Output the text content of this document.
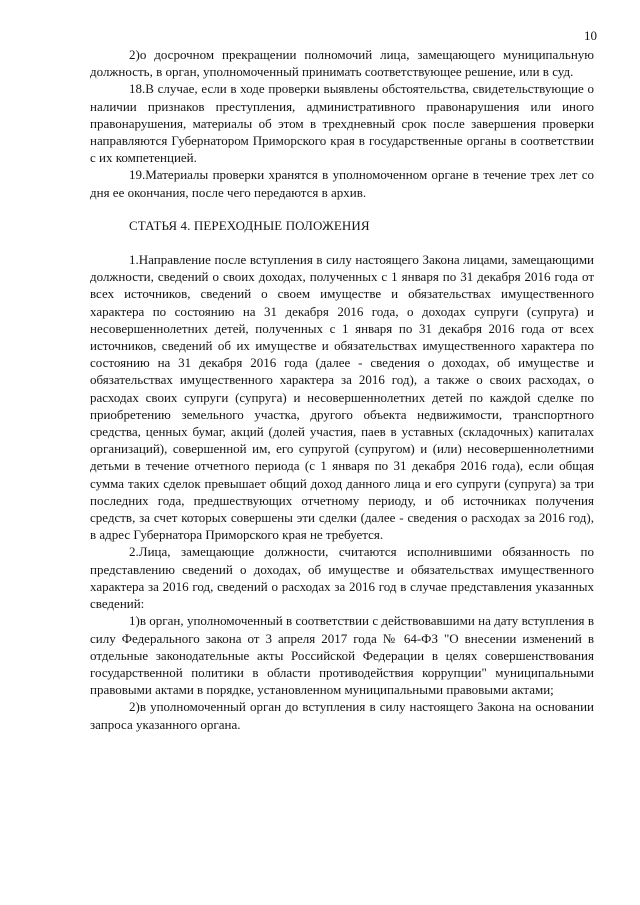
10

2)о досрочном прекращении полномочий лица, замещающего муниципальную должность, в орган, уполномоченный принимать соответствующее решение, или в суд.

18.В случае, если в ходе проверки выявлены обстоятельства, свидетельствующие о наличии признаков преступления, административного правонарушения или иного правонарушения, материалы об этом в трехдневный срок после завершения проверки направляются Губернатором Приморского края в государственные органы в соответствии с их компетенцией.

19.Материалы проверки хранятся в уполномоченном органе в течение трех лет со дня ее окончания, после чего передаются в архив.

СТАТЬЯ 4. ПЕРЕХОДНЫЕ ПОЛОЖЕНИЯ

1.Направление после вступления в силу настоящего Закона лицами, замещающими должности, сведений о своих доходах, полученных с 1 января по 31 декабря 2016 года от всех источников, сведений о своем имуществе и обязательствах имущественного характера по состоянию на 31 декабря 2016 года, о доходах супруги (супруга) и несовершеннолетних детей, полученных с 1 января по 31 декабря 2016 года от всех источников, сведений об их имуществе и обязательствах имущественного характера по состоянию на 31 декабря 2016 года (далее - сведения о доходах, об имуществе и обязательствах имущественного характера за 2016 год), а также о своих расходах, о расходах своих супруги (супруга) и несовершеннолетних детей по каждой сделке по приобретению земельного участка, другого объекта недвижимости, транспортного средства, ценных бумаг, акций (долей участия, паев в уставных (складочных) капиталах организаций), совершенной им, его супругой (супругом) и (или) несовершеннолетними детьми в течение отчетного периода (с 1 января по 31 декабря 2016 года), если общая сумма таких сделок превышает общий доход данного лица и его супруги (супруга) за три последних года, предшествующих отчетному периоду, и об источниках получения средств, за счет которых совершены эти сделки (далее - сведения о расходах за 2016 год), в адрес Губернатора Приморского края не требуется.

2.Лица, замещающие должности, считаются исполнившими обязанность по представлению сведений о доходах, об имуществе и обязательствах имущественного характера за 2016 год, сведений о расходах за 2016 год в случае представления указанных сведений:

1)в орган, уполномоченный в соответствии с действовавшими на дату вступления в силу Федерального закона от 3 апреля 2017 года № 64-ФЗ "О внесении изменений в отдельные законодательные акты Российской Федерации в целях совершенствования государственной политики в области противодействия коррупции" муниципальными правовыми актами в порядке, установленном муниципальными правовыми актами;

2)в уполномоченный орган до вступления в силу настоящего Закона на основании запроса указанного органа.
